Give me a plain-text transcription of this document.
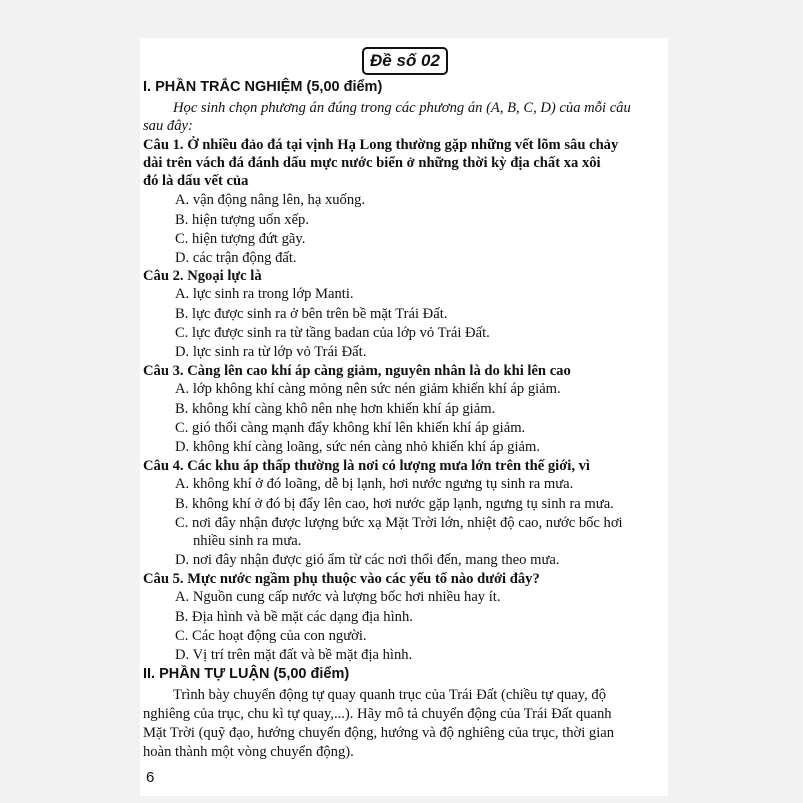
Đề số 02
I. PHẦN TRẮC NGHIỆM (5,00 điểm)
Học sinh chọn phương án đúng trong các phương án (A, B, C, D) của mỗi câu
sau đây:
Câu 1. Ở nhiều đảo đá tại vịnh Hạ Long thường gặp những vết lõm sâu chảy
dài trên vách đá đánh dấu mực nước biển ở những thời kỳ địa chất xa xôi
đó là dấu vết của
A. vận động nâng lên, hạ xuống.
B. hiện tượng uốn xếp.
C. hiện tượng đứt gãy.
D. các trận động đất.
Câu 2. Ngoại lực là
A. lực sinh ra trong lớp Manti.
B. lực được sinh ra ở bên trên bề mặt Trái Đất.
C. lực được sinh ra từ tầng badan của lớp vỏ Trái Đất.
D. lực sinh ra từ lớp vỏ Trái Đất.
Câu 3. Càng lên cao khí áp càng giảm, nguyên nhân là do khi lên cao
A. lớp không khí càng mỏng nên sức nén giảm khiến khí áp giảm.
B. không khí càng khô nên nhẹ hơn khiến khí áp giảm.
C. gió thổi càng mạnh đẩy không khí lên khiến khí áp giảm.
D. không khí càng loãng, sức nén càng nhỏ khiến khí áp giảm.
Câu 4. Các khu áp thấp thường là nơi có lượng mưa lớn trên thế giới, vì
A. không khí ở đó loãng, dễ bị lạnh, hơi nước ngưng tụ sinh ra mưa.
B. không khí ở đó bị đẩy lên cao, hơi nước gặp lạnh, ngưng tụ sinh ra mưa.
C. nơi đây nhận được lượng bức xạ Mặt Trời lớn, nhiệt độ cao, nước bốc hơi
nhiều sinh ra mưa.
D. nơi đây nhận được gió ẩm từ các nơi thổi đến, mang theo mưa.
Câu 5. Mực nước ngầm phụ thuộc vào các yếu tố nào dưới đây?
A. Nguồn cung cấp nước và lượng bốc hơi nhiều hay ít.
B. Địa hình và bề mặt các dạng địa hình.
C. Các hoạt động của con người.
D. Vị trí trên mặt đất và bề mặt địa hình.
II. PHẦN TỰ LUẬN (5,00 điểm)
Trình bày chuyển động tự quay quanh trục của Trái Đất (chiều tự quay, độ
nghiêng của trục, chu kì tự quay,...). Hãy mô tả chuyển động của Trái Đất quanh
Mặt Trời (quỹ đạo, hướng chuyển động, hướng và độ nghiêng của trục, thời gian
hoàn thành một vòng chuyển động).
6
